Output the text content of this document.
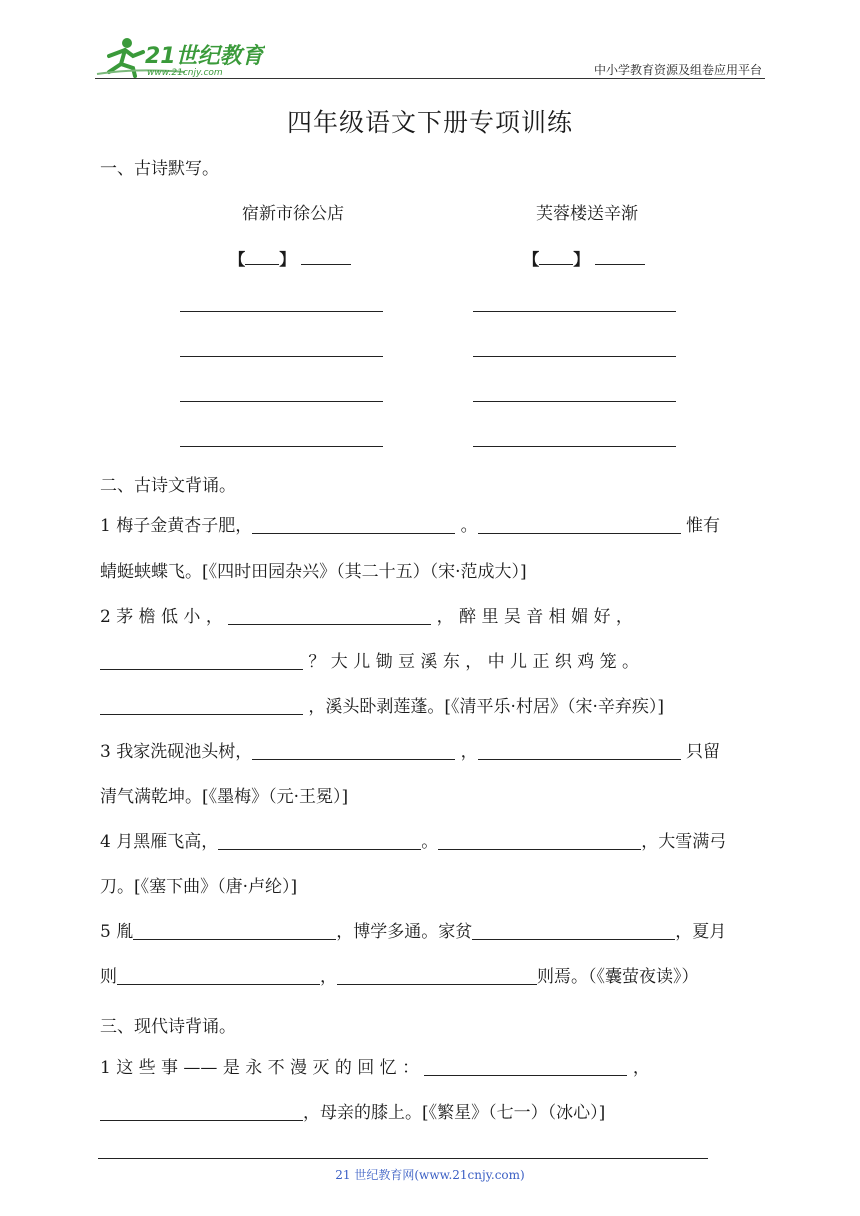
21世纪教育
www.21cnjy.com	中小学教育资源及组卷应用平台
四年级语文下册专项训练
一、古诗默写。
宿新市徐公店	芙蓉楼送辛渐
【 】	【 】
二、古诗文背诵。
1 梅子金黄杏子肥，	。	惟有
蜻蜓蛱蝶飞。[《四时田园杂兴》（其二十五）（宋·范成大）]
2 茅 檐 低 小 ，	， 醉 里 吴 音 相 媚 好 ，
？ 大 儿 锄 豆 溪 东 ， 中 儿 正 织 鸡 笼 。
，溪头卧剥莲蓬。[《清平乐·村居》（宋·辛弃疾）]
3 我家洗砚池头树，	，	只留
清气满乾坤。[《墨梅》（元·王冕）]
4 月黑雁飞高，	。	，大雪满弓
刀。[《塞下曲》（唐·卢纶）]
5 胤	，博学多通。家贫	，夏月
则	，	则焉。（《囊萤夜读》）
三、现代诗背诵。
1 这 些 事 —— 是 永 不 漫 灭 的 回 忆 ：	，
，母亲的膝上。[《繁星》（七一）（冰心）]
21 世纪教育网(www.21cnjy.com)
